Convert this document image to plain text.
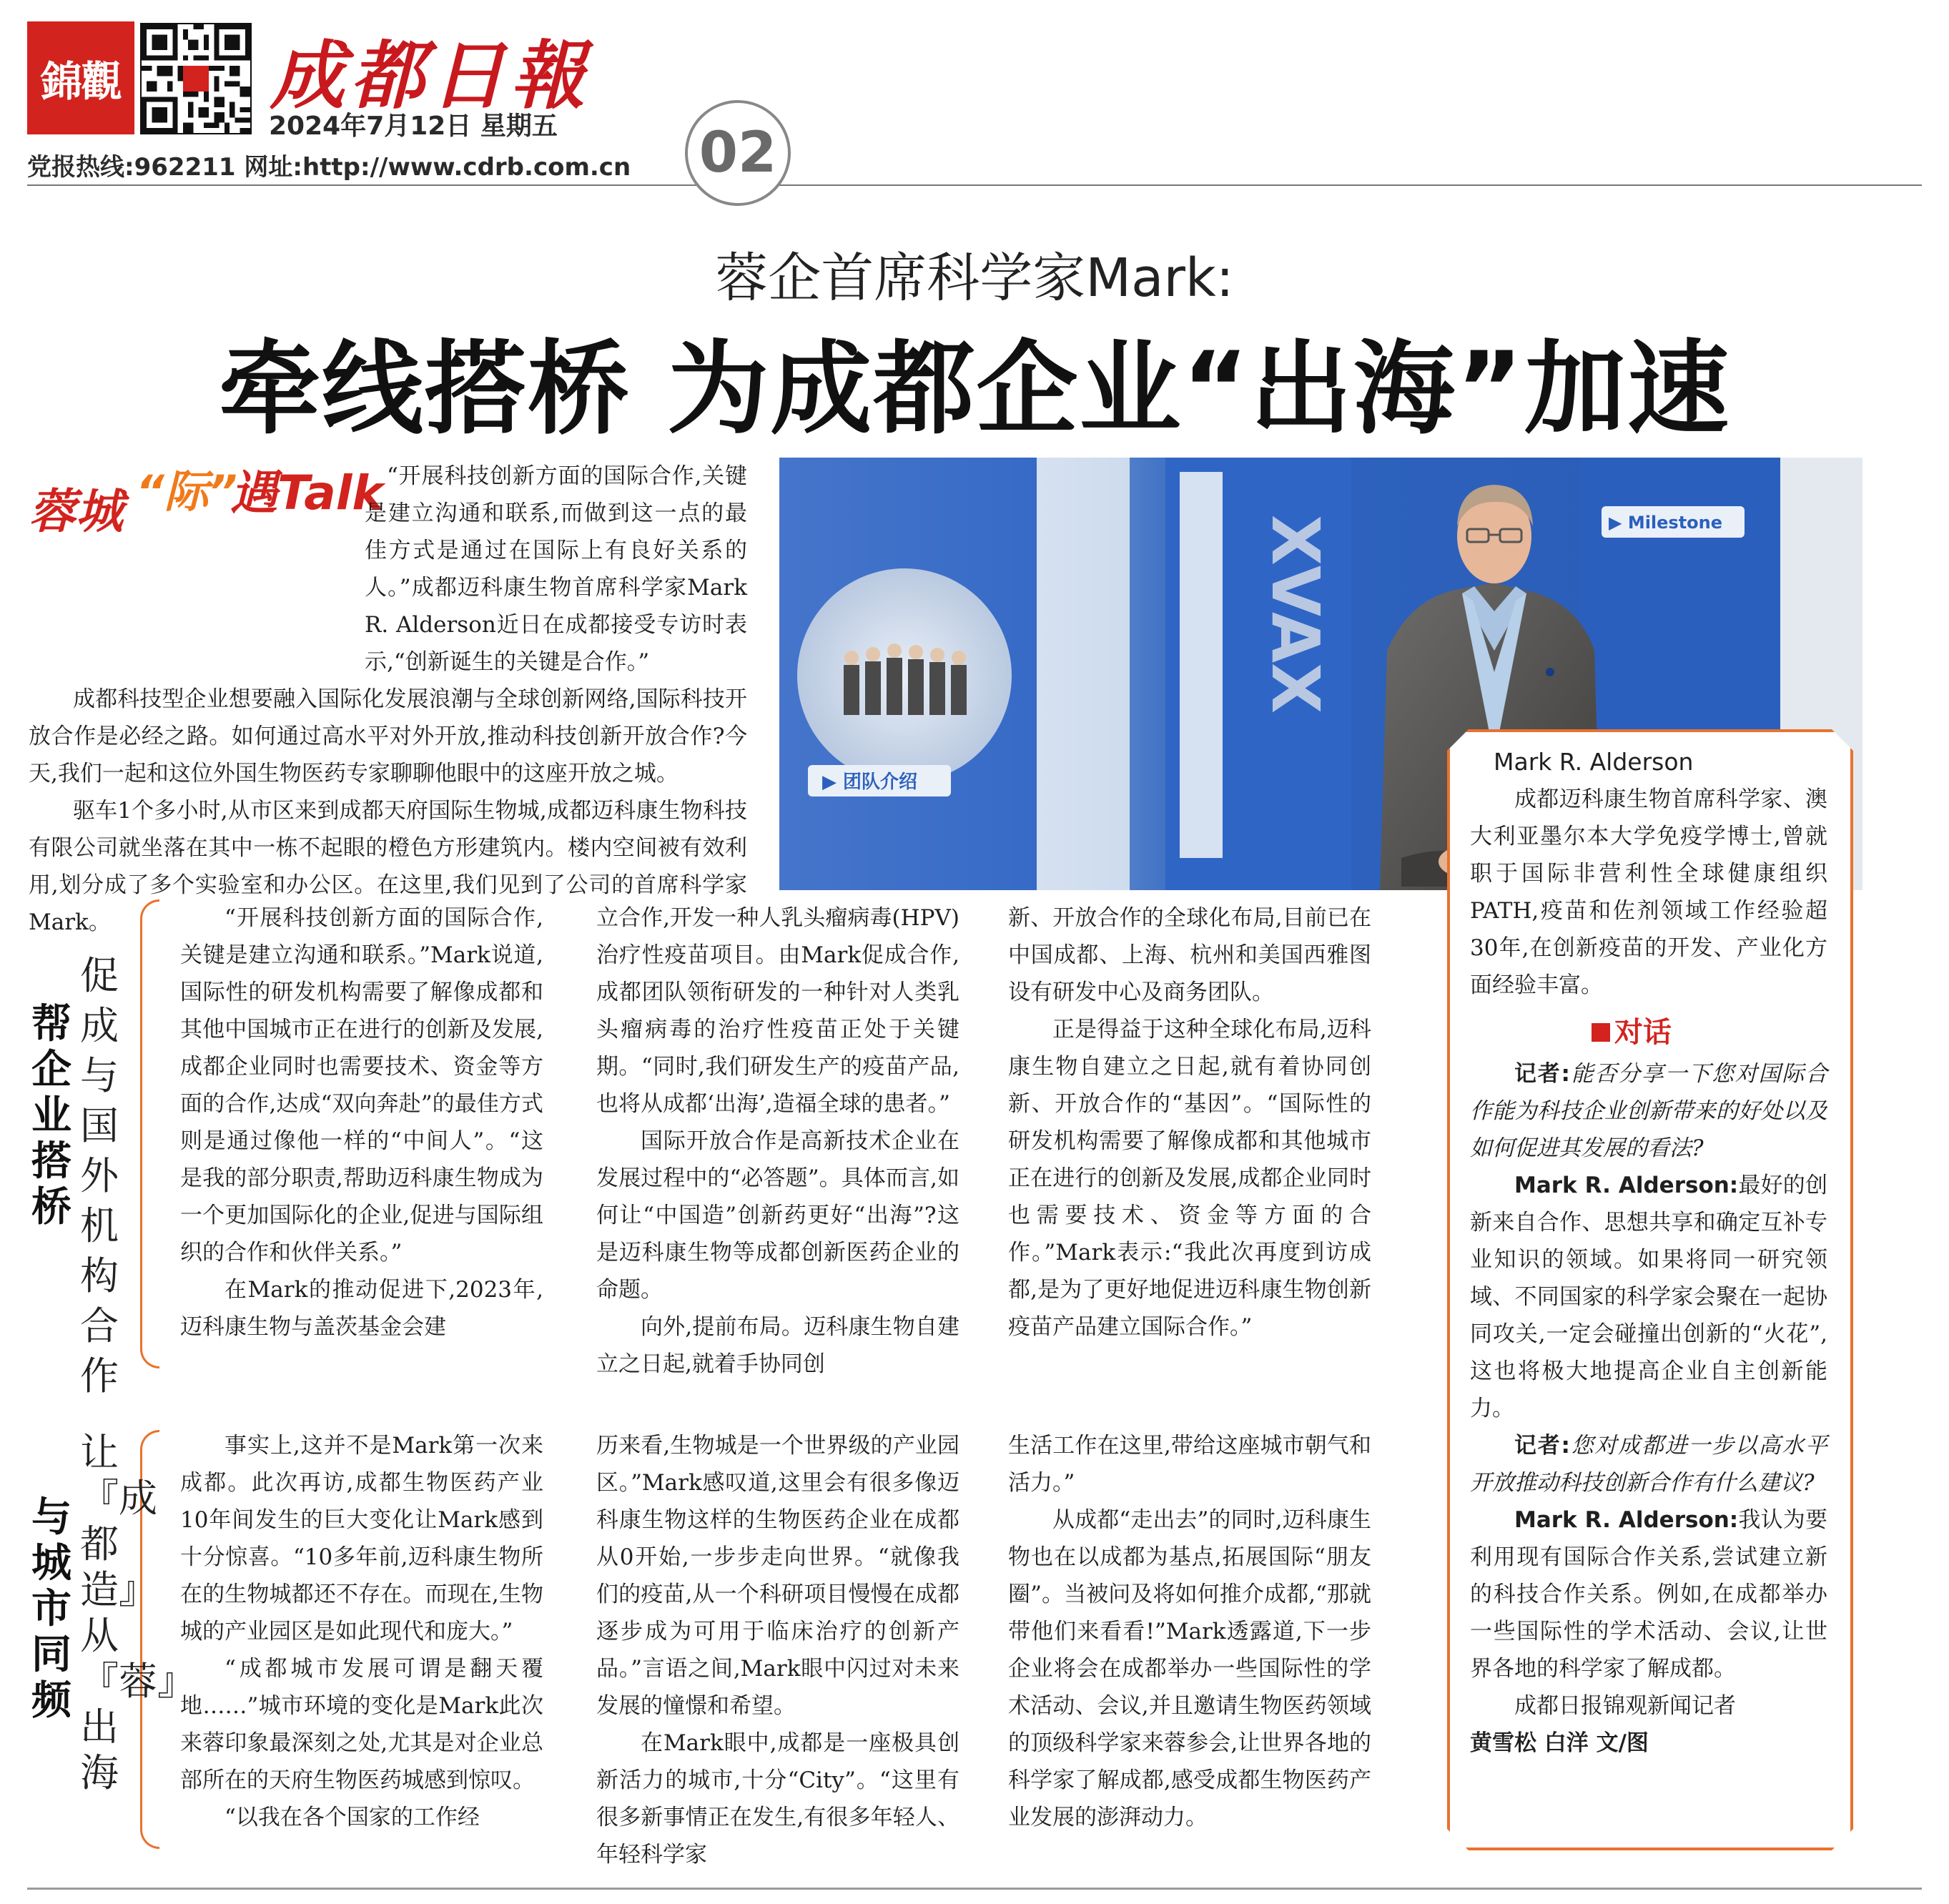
錦觀 成都日報
2024年7月12日 星期五
党报热线:962211 网址:http://www.cdrb.com.cn 02
蓉企首席科学家Mark:
牵线搭桥 为成都企业“出海”加速
蓉城 “际”
遇Talk “开展科技创新方面的国际合作,关键是建立沟通和联系,而做到这一点的最佳方式是通过在国际上有良好关系的人。”成都迈科康生物首席科学家Mark R. Alderson近日在成都接受专访时表示,“创新诞生的关键是合作。”

成都科技型企业想要融入国际化发展浪潮与全球创新网络,国际科技开放合作是必经之路。如何通过高水平对外开放,推动科技创新开放合作?今天,我们一起和这位外国生物医药专家聊聊他眼中的这座开放之城。

驱车1个多小时,从市区来到成都天府国际生物城,成都迈科康生物科技有限公司就坐落在其中一栋不起眼的橙色方形建筑内。楼内空间被有效利用,划分成了多个实验室和办公区。在这里,我们见到了公司的首席科学家Mark。

▶ 团队介绍
▶ Milestone
XVAX
帮企业搭桥
促成与国外机构合作

“开展科技创新方面的国际合作,关键是建立沟通和联系。”Mark说道,国际性的研发机构需要了解像成都和其他中国城市正在进行的创新及发展,成都企业同时也需要技术、资金等方面的合作,达成“双向奔赴”的最佳方式则是通过像他一样的“中间人”。“这是我的部分职责,帮助迈科康生物成为一个更加国际化的企业,促进与国际组织的合作和伙伴关系。”

在Mark的推动促进下,2023年,迈科康生物与盖茨基金会建

立合作,开发一种人乳头瘤病毒(HPV)治疗性疫苗项目。由Mark促成合作,成都团队领衔研发的一种针对人类乳头瘤病毒的治疗性疫苗正处于关键期。“同时,我们研发生产的疫苗产品,也将从成都‘出海’,造福全球的患者。”

国际开放合作是高新技术企业在发展过程中的“必答题”。具体而言,如何让“中国造”创新药更好“出海”?这是迈科康生物等成都创新医药企业的命题。

向外,提前布局。迈科康生物自建立之日起,就着手协同创

新、开放合作的全球化布局,目前已在中国成都、上海、杭州和美国西雅图设有研发中心及商务团队。

正是得益于这种全球化布局,迈科康生物自建立之日起,就有着协同创新、开放合作的“基因”。“国际性的研发机构需要了解像成都和其他城市正在进行的创新及发展,成都企业同时也需要技术、资金等方面的合作。”Mark表示:“我此次再度到访成都,是为了更好地促进迈科康生物创新疫苗产品建立国际合作。”

与城市同频
让『成都造』从『蓉』出海

事实上,这并不是Mark第一次来成都。此次再访,成都生物医药产业10年间发生的巨大变化让Mark感到十分惊喜。“10多年前,迈科康生物所在的生物城都还不存在。而现在,生物城的产业园区是如此现代和庞大。”

“成都城市发展可谓是翻天覆地……”城市环境的变化是Mark此次来蓉印象最深刻之处,尤其是对企业总部所在的天府生物医药城感到惊叹。

“以我在各个国家的工作经

历来看,生物城是一个世界级的产业园区。”Mark感叹道,这里会有很多像迈科康生物这样的生物医药企业在成都从0开始,一步步走向世界。“就像我们的疫苗,从一个科研项目慢慢在成都逐步成为可用于临床治疗的创新产品。”言语之间,Mark眼中闪过对未来发展的憧憬和希望。

在Mark眼中,成都是一座极具创新活力的城市,十分“City”。“这里有很多新事情正在发生,有很多年轻人、年轻科学家

生活工作在这里,带给这座城市朝气和活力。”

从成都“走出去”的同时,迈科康生物也在以成都为基点,拓展国际“朋友圈”。当被问及将如何推介成都,“那就带他们来看看!”Mark透露道,下一步企业将会在成都举办一些国际性的学术活动、会议,并且邀请生物医药领域的顶级科学家来蓉参会,让世界各地的科学家了解成都,感受成都生物医药产业发展的澎湃动力。

Mark R. Alderson

成都迈科康生物首席科学家、澳大利亚墨尔本大学免疫学博士,曾就职于国际非营利性全球健康组织PATH,疫苗和佐剂领域工作经验超30年,在创新疫苗的开发、产业化方面经验丰富。

对话

记者:能否分享一下您对国际合作能为科技企业创新带来的好处以及如何促进其发展的看法?

Mark R. Alderson:最好的创新来自合作、思想共享和确定互补专业知识的领域。如果将同一研究领域、不同国家的科学家会聚在一起协同攻关,一定会碰撞出创新的“火花”,这也将极大地提高企业自主创新能力。

记者:您对成都进一步以高水平开放推动科技创新合作有什么建议?

Mark R. Alderson:我认为要利用现有国际合作关系,尝试建立新的科技合作关系。例如,在成都举办一些国际性的学术活动、会议,让世界各地的科学家了解成都。

成都日报锦观新闻记者

黄雪松 白洋 文/图
